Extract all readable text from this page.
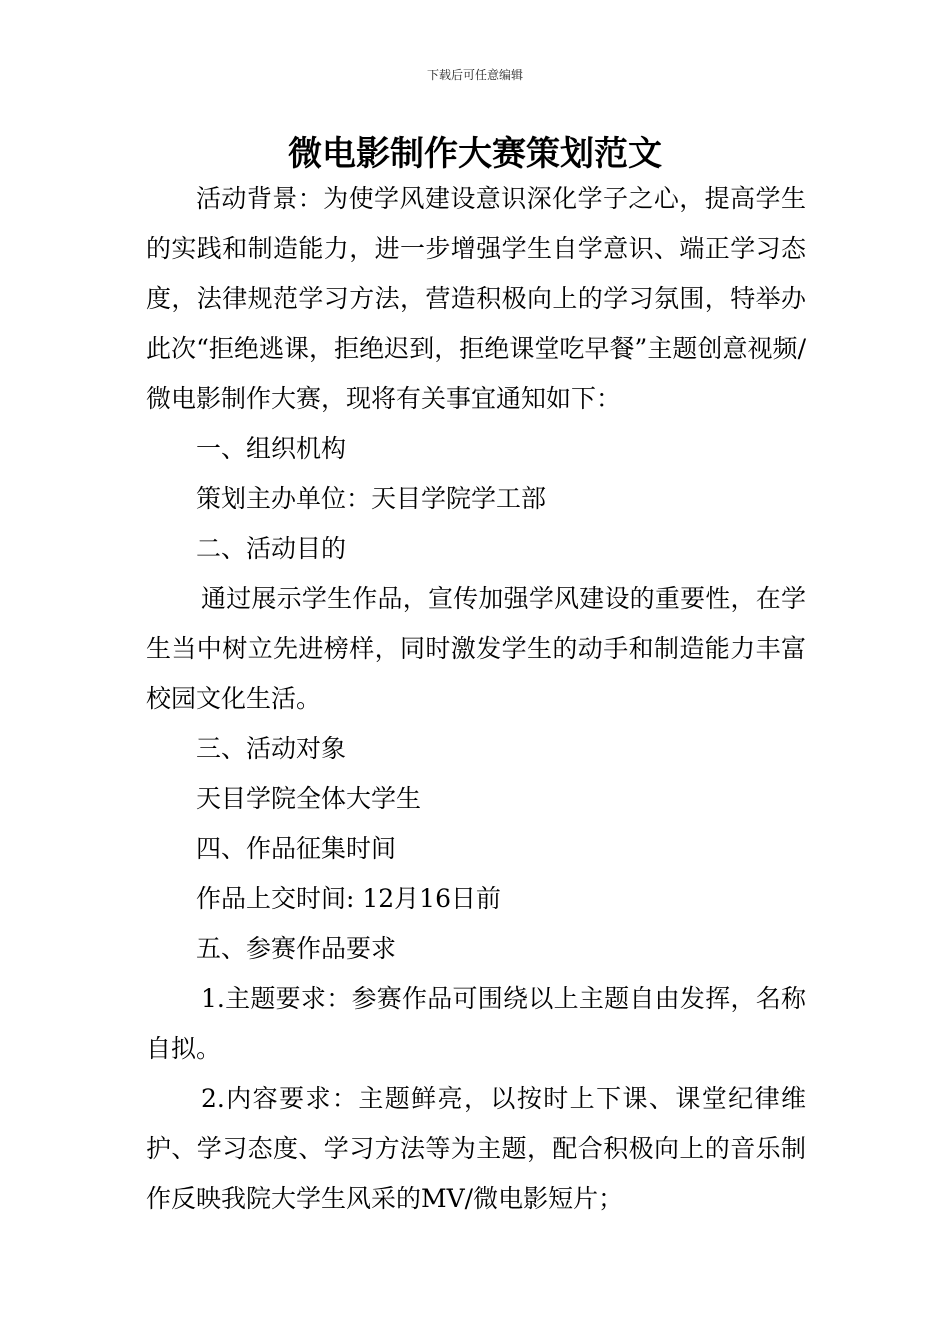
下载后可任意编辑
微电影制作大赛策划范文

活动背景：为使学风建设意识深化学子之心，提高学生的实践和制造能力，进一步增强学生自学意识、端正学习态度，法律规范学习方法，营造积极向上的学习氛围，特举办此次“拒绝逃课，拒绝迟到，拒绝课堂吃早餐”主题创意视频/微电影制作大赛，现将有关事宜通知如下：

一、组织机构

策划主办单位：天目学院学工部

二、活动目的

通过展示学生作品，宣传加强学风建设的重要性，在学生当中树立先进榜样，同时激发学生的动手和制造能力丰富校园文化生活。

三、活动对象

天目学院全体大学生

四、作品征集时间

作品上交时间: 12月16日前

五、参赛作品要求

1.主题要求：参赛作品可围绕以上主题自由发挥，名称自拟。

2.内容要求：主题鲜亮，以按时上下课、课堂纪律维护、学习态度、学习方法等为主题，配合积极向上的音乐制作反映我院大学生风采的MV/微电影短片；
